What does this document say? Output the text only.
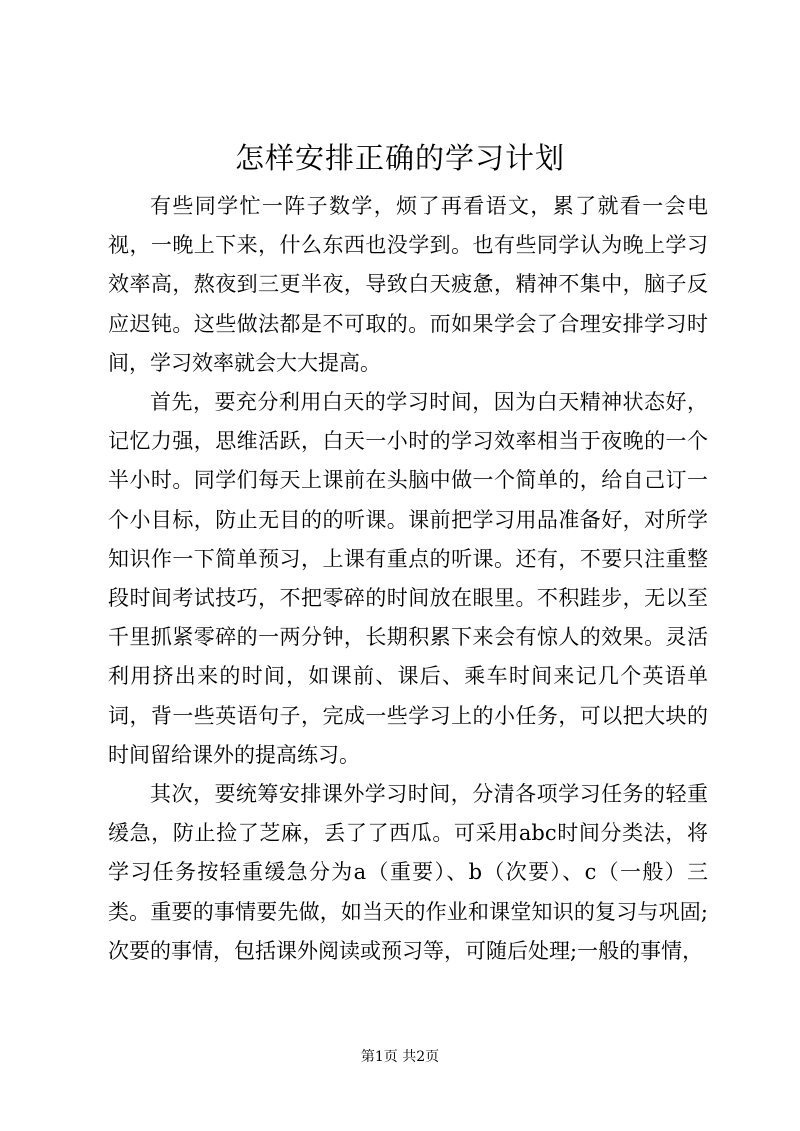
怎样安排正确的学习计划

有些同学忙一阵子数学，烦了再看语文，累了就看一会电视，一晚上下来，什么东西也没学到。也有些同学认为晚上学习效率高，熬夜到三更半夜，导致白天疲惫，精神不集中，脑子反应迟钝。这些做法都是不可取的。而如果学会了合理安排学习时间，学习效率就会大大提高。

首先，要充分利用白天的学习时间，因为白天精神状态好，记忆力强，思维活跃，白天一小时的学习效率相当于夜晚的一个半小时。同学们每天上课前在头脑中做一个简单的，给自己订一个小目标，防止无目的的听课。课前把学习用品准备好，对所学知识作一下简单预习，上课有重点的听课。还有，不要只注重整段时间考试技巧，不把零碎的时间放在眼里。不积跬步，无以至千里抓紧零碎的一两分钟，长期积累下来会有惊人的效果。灵活利用挤出来的时间，如课前、课后、乘车时间来记几个英语单词，背一些英语句子，完成一些学习上的小任务，可以把大块的时间留给课外的提高练习。

其次，要统筹安排课外学习时间，分清各项学习任务的轻重缓急，防止捡了芝麻，丢了了西瓜。可采用abc时间分类法，将学习任务按轻重缓急分为a（重要）、b（次要）、c（一般）三类。重要的事情要先做，如当天的作业和课堂知识的复习与巩固;次要的事情，包括课外阅读或预习等，可随后处理;一般的事情，

第1页 共2页
